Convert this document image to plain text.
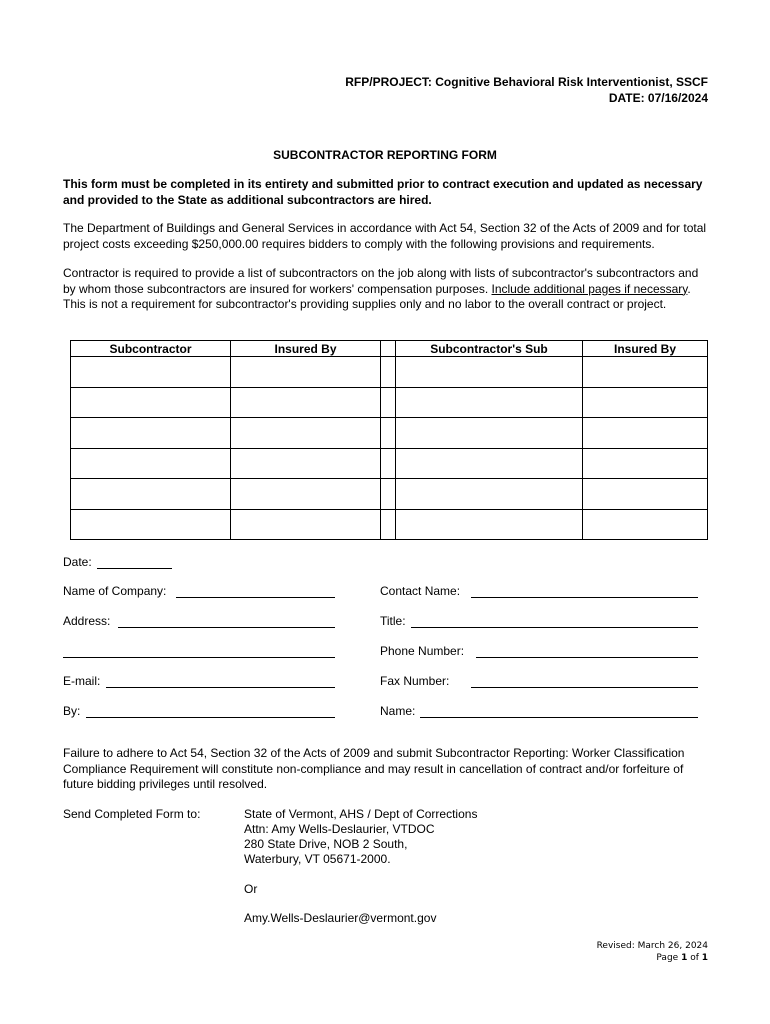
RFP/PROJECT: Cognitive Behavioral Risk Interventionist, SSCF
DATE: 07/16/2024
SUBCONTRACTOR REPORTING FORM
This form must be completed in its entirety and submitted prior to contract execution and updated as necessary and provided to the State as additional subcontractors are hired.
The Department of Buildings and General Services in accordance with Act 54, Section 32 of the Acts of 2009 and for total project costs exceeding $250,000.00 requires bidders to comply with the following provisions and requirements.
Contractor is required to provide a list of subcontractors on the job along with lists of subcontractor's subcontractors and by whom those subcontractors are insured for workers' compensation purposes. Include additional pages if necessary. This is not a requirement for subcontractor's providing supplies only and no labor to the overall contract or project.
Subcontractor	Insured By		Subcontractor's Sub	Insured By

Date:
Name of Company:	Contact Name:
Address:	Title:
Phone Number:
E-mail:	Fax Number:
By:	Name:
Failure to adhere to Act 54, Section 32 of the Acts of 2009 and submit Subcontractor Reporting: Worker Classification Compliance Requirement will constitute non-compliance and may result in cancellation of contract and/or forfeiture of future bidding privileges until resolved.
Send Completed Form to:	State of Vermont, AHS / Dept of Corrections
Attn: Amy Wells-Deslaurier, VTDOC
280 State Drive, NOB 2 South,
Waterbury, VT 05671-2000.
Or
Amy.Wells-Deslaurier@vermont.gov
Revised: March 26, 2024
Page 1 of 1
